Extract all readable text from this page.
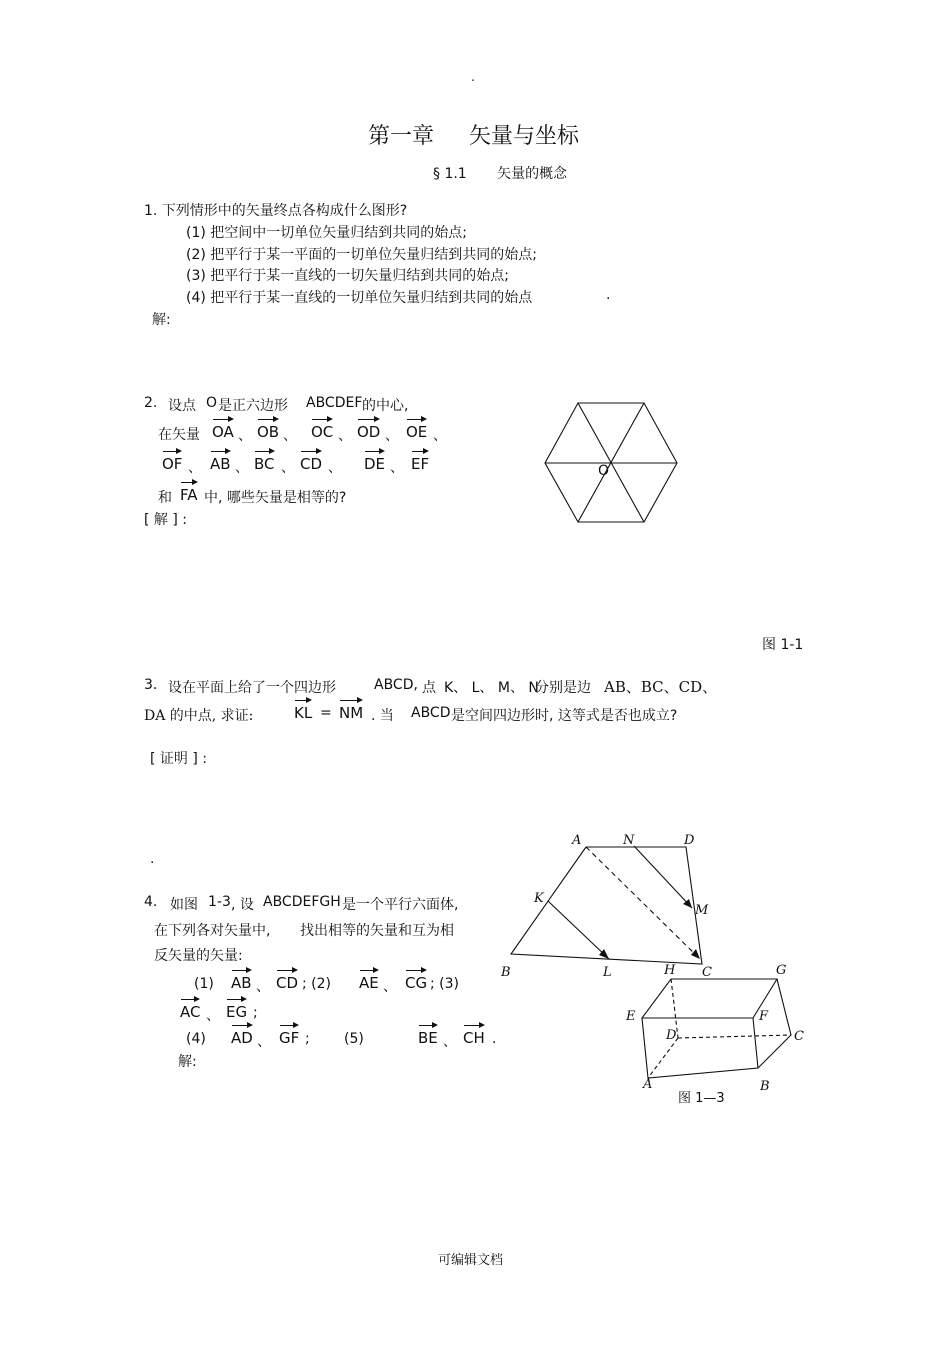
.
第一章 矢量与坐标
§ 1.1 矢量的概念
1. 下列情形中的矢量终点各构成什么图形?
(1) 把空间中一切单位矢量归结到共同的始点;
(2) 把平行于某一平面的一切单位矢量归结到共同的始点;
(3) 把平行于某一直线的一切矢量归结到共同的始点;
(4) 把平行于某一直线的一切单位矢量归结到共同的始点	.
解:
2. 设点 O 是正六边形 ABCDEF 的中心,
在矢量 OA 、 OB 、 OC 、 OD 、 OE 、
OF 、 AB 、 BC 、 CD 、 DE 、 EF
和 FA 中, 哪些矢量是相等的?
[ 解 ] :
O
图 1-1
3. 设在平面上给了一个四边形	ABCD, 点 K、 L、 M、 N
分别是边 AB、BC、CD、
DA 的中点, 求证:	KL = NM . 当 ABCD 是空间四边形时, 这等式是否也成立?
[ 证明 ] :
A	N	D
K
M
B	L	C
.
4. 如图 1-3 , 设 ABCDEFGH 是一个平行六面体,
在下列各对矢量中, 找出相等的矢量和互为相
反矢量的矢量:
(1) AB 、 CD ; (2) AE 、 CG ; (3)
AC 、 EG ;
(4) AD 、 GF ; (5)	BE 、 CH .
解:
H	G
E	F
D	C
A	B
图 1—3
可编辑文档
